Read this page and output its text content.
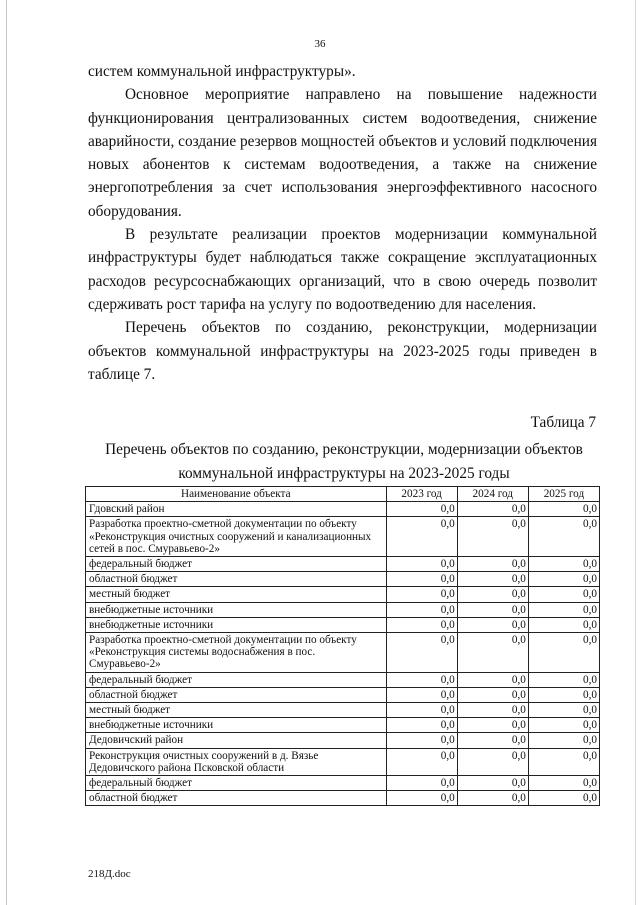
36

систем коммунальной инфраструктуры».

Основное мероприятие направлено на повышение надежности функционирования централизованных систем водоотведения, снижение аварийности, создание резервов мощностей объектов и условий подключения новых абонентов к системам водоотведения, а также на снижение энергопотребления за счет использования энергоэффективного насосного оборудования.

В результате реализации проектов модернизации коммунальной инфраструктуры будет наблюдаться также сокращение эксплуатационных расходов ресурсоснабжающих организаций, что в свою очередь позволит сдерживать рост тарифа на услугу по водоотведению для населения.

Перечень объектов по созданию, реконструкции, модернизации объектов коммунальной инфраструктуры на 2023-2025 годы приведен в таблице 7.

Таблица 7
Перечень объектов по созданию, реконструкции, модернизации объектов коммунальной инфраструктуры на 2023-2025 годы
Наименование объекта	2023 год	2024 год	2025 год
Гдовский район	0,0	0,0	0,0
Разработка проектно-сметной документации по объекту «Реконструкция очистных сооружений и канализационных сетей в пос. Смуравьево-2»	0,0	0,0	0,0
федеральный бюджет	0,0	0,0	0,0
областной бюджет	0,0	0,0	0,0
местный бюджет	0,0	0,0	0,0
внебюджетные источники	0,0	0,0	0,0
внебюджетные источники	0,0	0,0	0,0
Разработка проектно-сметной документации по объекту «Реконструкция системы водоснабжения в пос. Смуравьево-2»	0,0	0,0	0,0
федеральный бюджет	0,0	0,0	0,0
областной бюджет	0,0	0,0	0,0
местный бюджет	0,0	0,0	0,0
внебюджетные источники	0,0	0,0	0,0
Дедовичский район	0,0	0,0	0,0
Реконструкция очистных сооружений в д. Вязье Дедовичского района Псковской области	0,0	0,0	0,0
федеральный бюджет	0,0	0,0	0,0
областной бюджет	0,0	0,0	0,0
218Д.doc
